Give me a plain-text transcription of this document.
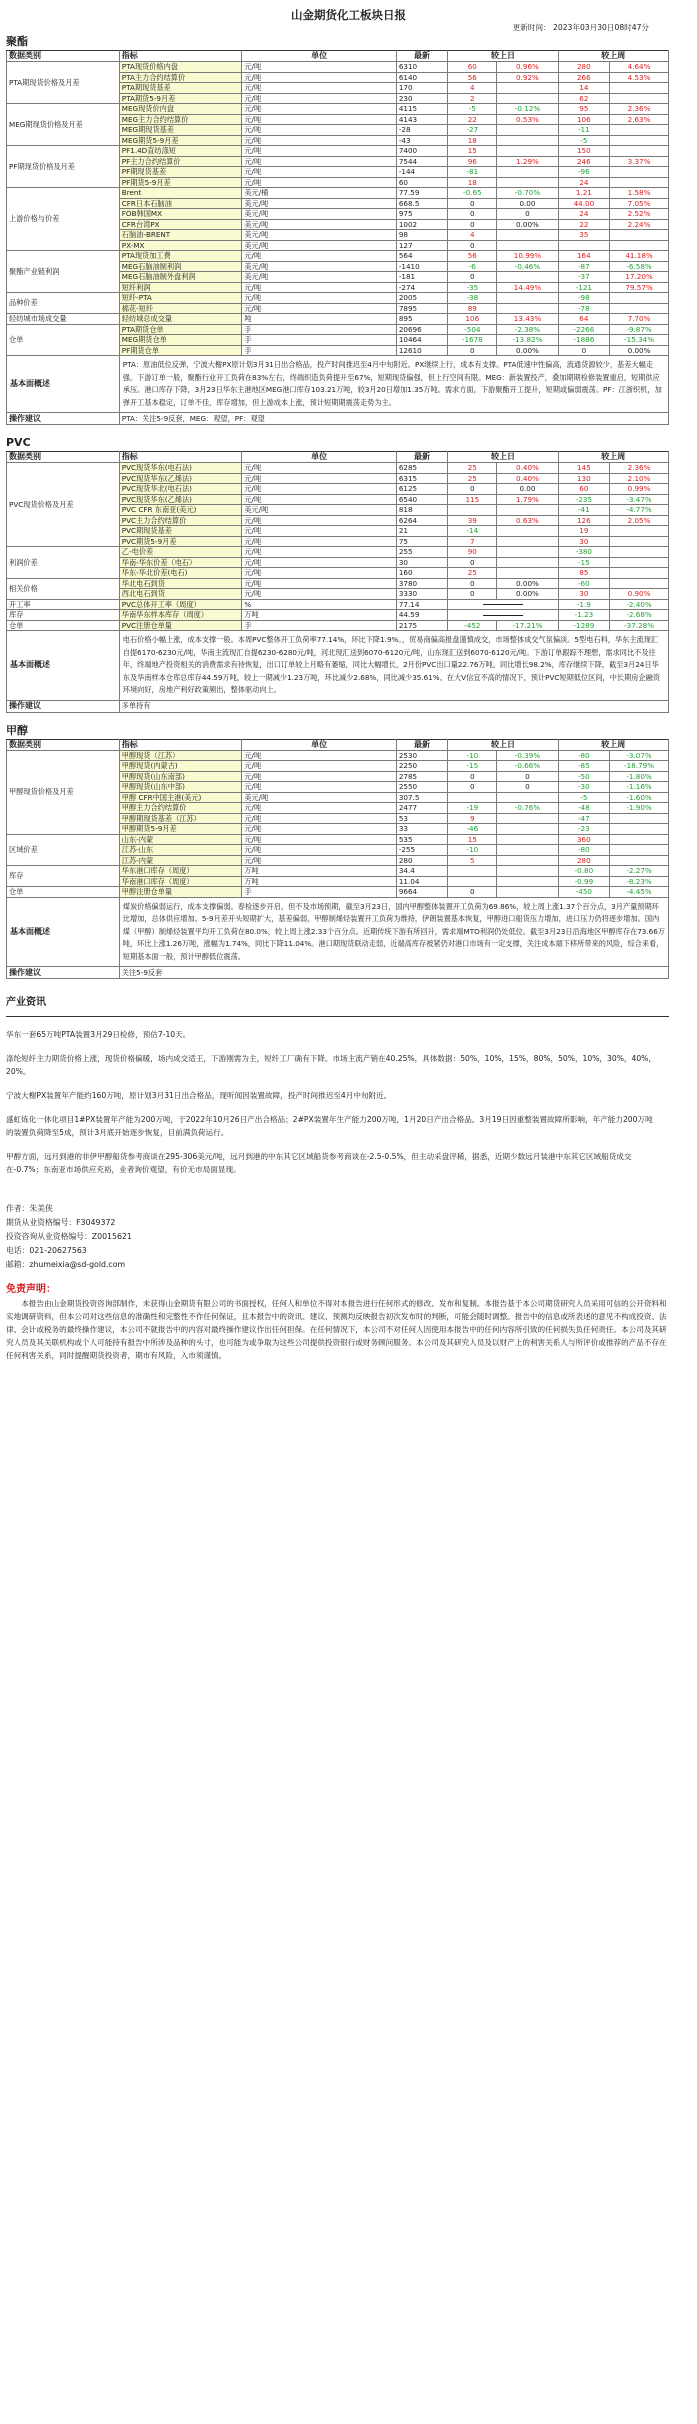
山金期货化工板块日报
更新时间： 2023年03月30日08时47分
聚酯
数据类别	指标	单位	最新	较上日		较上周	
PTA期现货价格及月差	PTA现货价格内盘	元/吨	6310	60	0.96%	280	4.64%
	PTA主力合约结算价	元/吨	6140	56	0.92%	266	4.53%
	PTA期现货基差	元/吨	170	4		14	
	PTA期货5-9月差	元/吨	230	2		62	
MEG期现货价格及月差	MEG现货价内盘	元/吨	4115	-5	-0.12%	95	2.36%
	MEG主力合约结算价	元/吨	4143	22	0.53%	106	2.63%
	MEG期现货基差	元/吨	-28	-27		-11	
	MEG期货5-9月差	元/吨	-43	18		-5	
PF期现货价格及月差	PF1.4D直纺涤短	元/吨	7400	15		150	
	PF主力合约结算价	元/吨	7544	96	1.29%	246	3.37%
	PF期现货基差	元/吨	-144	-81		-96	
	PF期货5-9月差	元/吨	60	18		24	
上游价格与价差	Brent	美元/桶	77.59	-0.65	-0.70%	1.21	1.58%
	CFR日本石脑油	美元/吨	668.5	0	0.00	44.00	7.05%
	FOB韩国MX	美元/吨	975	0	0	24	2.52%
	CFR台湾PX	美元/吨	1002	0	0.00%	22	2.24%
	石脑油-BRENT	美元/吨	98	4		35	
	PX-MX	美元/吨	127	0			
聚酯产业链利润	PTA现货加工费	元/吨	564	56	10.99%	164	41.18%
	MEG石脑油制利润	美元/吨	-1410	-6	-0.46%	-87	-6.58%
	MEG石脑油制外盘利润	美元/吨	-181	0		-37	17.20%
	短纤利润	元/吨	-274	-35	14.49%	-121	79.57%
品种价差	短纤-PTA	元/吨	2005	-38		-98	
	棉花-短纤	元/吨	7895	89		-78	
轻纺城市场成交量	轻纺城总成交量	吨	895	106	13.43%	64	7.70%
仓单	PTA期货仓单	手	20696	-504	-2.38%	-2266	-9.87%
	MEG期货仓单	手	10464	-1678	-13.82%	-1886	-15.34%
	PF期货仓单	手	12610	0	0.00%	0	0.00%
基本面概述	PTA：原油低位反弹，宁波大榭PX原计划3月31日出合格品，投产时间推迟至4月中旬附近。PX继续上行，成本有支撑。PTA低速中性偏高，流通货源较少，基差大幅走强。下游订单一般，聚酯行业开工负荷在83%左右，终端织造负荷提升至67%，短期现货偏强，但上行空间有限。MEG：新装置投产，叠加期期检修装置重启，短期供应承压。港口库存下降，3月23日华东主港地区MEG港口库存103.21万吨，较3月20日增加1.35万吨。需求方面，下游聚酯开工提升，短期或偏弱震荡。PF：江浙织机，加弹开工基本稳定，订单不佳，库存增加，但上游成本上涨，预计短期期震荡走势为主。						
操作建议	PTA：关注5-9反套，MEG：观望，PF：观望						
PVC
数据类别	指标	单位	最新	较上日		较上周	
PVC现货价格及月差	PVC现货华东(电石法)	元/吨	6285	25	0.40%	145	2.36%
	PVC现货华东(乙烯法)	元/吨	6315	25	0.40%	130	2.10%
	PVC现货华北(电石法)	元/吨	6125	0	0.00	60	0.99%
	PVC现货华东(乙烯法)	元/吨	6540	115	1.79%	-235	-3.47%
	PVC CFR 东南亚(美元)	美元/吨	818			-41	-4.77%
	PVC主力合约结算价	元/吨	6264	39	0.63%	126	2.05%
	PVC期现货基差	元/吨	21	-14		19	
	PVC期货5-9月差	元/吨	75	7		30	
利润价差	乙-电价差	元/吨	255	90		-380	
	华南-华东价差（电石）	元/吨	30	0		-15	
	华东-华北价差(电石)	元/吨	160	25		85	
相关价格	华北电石到货	元/吨	3780	0	0.00%	-60	
	西北电石到货	元/吨	3330	0	0.00%	30	0.90%
开工率	PVC总体开工率（周度）	%	77.14			-1.9	-2.40%
库存	华南华东样本库存（周度）	万吨	44.59			-1.23	-2.68%
仓单	PVC注册仓单量	手	2175	-452	-17.21%	-1289	-37.28%
基本面概述	电石价格小幅上涨，成本支撑一般。本周PVC整体开工负荷率77.14%，环比下降1.9%。，贸易商偏高报盘谨慎成交，市场整体成交气氛偏淡。5型电石料，华东主流现汇自提6170-6230元/吨，华南主流现汇自提6230-6280元/吨，河北现汇送到6070-6120元/吨，山东现汇送到6070-6120元/吨。下游订单跟踪不理想，需求同比不及往年，终端地产投资相关的消费需求有待恢复，出口订单较上月略有萎缩，同比大幅增长，2月份PVC出口量22.76万吨，同比增长98.2%，库存继续下降，截至3月24日华东及华南样本仓库总库存44.59万吨，较上一期减少1.23万吨，环比减少2.68%，同比减少35.61%。在大V信宜不高的情况下，预计PVC短期低位区间，中长期房企融资环境向好，房地产利好政策频出，整体驱动向上。						
操作建议	多单持有						
甲醇
数据类别	指标	单位	最新	较上日		较上周	
甲醇现货价格及月差	甲醇现货（江苏）	元/吨	2530	-10	-0.39%	-80	-3.07%
	甲醇现货(内蒙古)	元/吨	2250	-15	-0.66%	-85	-18.79%
	甲醇现货(山东南部)	元/吨	2785	0	0	-50	-1.80%
	甲醇现货(山东中部)	元/吨	2550	0	0	-30	-1.16%
	甲醇 CFR中国主港(美元)	美元/吨	307.5			-5	-1.60%
	甲醇主力合约结算价	元/吨	2477	-19	-0.76%	-48	-1.90%
	甲醇期现货基差（江苏）	元/吨	53	9		-47	
	甲醇期货5-9月差	元/吨	33	-46		-23	
区域价差	山东-内蒙	元/吨	535	15		360	
	江苏-山东	元/吨	-255	-10		-80	
	江苏-内蒙	元/吨	280	5		280	
库存	华东港口库存（周度）	万吨	34.4			-0.80	-2.27%
	华南港口库存（周度）	万吨	11.04			-0.99	-8.23%
仓单	甲醇注册仓单量	手	9664	0		-450	-4.45%
基本面概述	煤炭价格偏弱运行，成本支撑偏弱。春检逐步开启，但不及市场预期，截至3月23日，国内甲醇整体装置开工负荷为69.86%，较上周上涨1.37个百分点，3月产量预期环比增加，总体供应增加。5-9月差开头短期扩大，基差偏弱，甲醇制烯烃装置开工负荷为维持，伊朗装置基本恢复，甲醇进口船货压力增加，进口压力仍将逐步增加。国内煤（甲醇）制烯烃装置平均开工负荷在80.0%，较上周上涨2.33个百分点。近期传统下游有所回升，需求端MTO利润仍处低位。截至3月23日沿海地区甲醇库存在73.66万吨，环比上涨1.26万吨，涨幅为1.74%，同比下降11.04%。港口期现货联动走弱，近端高库存被紧仍对港口市场有一定支撑，关注成本端下移所带来的风险，综合来看，短期基本面一般，预计甲醇低位震荡。						
操作建议	关注5-9反套						
产业资讯

华东一套65万吨PTA装置3月29日检修，预估7-10天。

涤纶短纤主力期货价格上涨，现货价格偏暖，场内成交适王，下游刚需为主，短纤工厂确有下降。市场主流产销在40.25%，具体数据：50%，10%，15%，80%，50%，10%，30%，40%，20%。

宁波大榭PX装置年产能约160万吨，原计划3月31日出合格品，现听闻因装置故障，投产时间推迟至4月中旬附近。

盛虹炼化一体化项目1#PX装置年产能为200万吨，于2022年10月26日产出合格品；2#PX装置年生产能力200万吨，1月20日产出合格品。3月19日因重整装置故障所影响，年产能力200万吨的装置负荷降至5成，预计3月底开始逐步恢复，目前满负荷运行。

甲醇方面，远月到港的非伊甲醇船货参考商谈在295-306美元/吨，远月到港的中东其它区域船货参考商谈在-2.5-0.5%，但主动采盘评稀，据悉，近期少数远月装港中东其它区域船货成交在-0.7%；东南亚市场供应充裕，业者询价观望，有价无市局面显现。

作者：朱美侠
期货从业资格编号：F3049372
投资咨询从业资格编号：Z0015621
电话：021-20627563
邮箱：zhumeixia@sd-gold.com
免责声明：
本报告由山金期货投资咨询部制作，未获得山金期货有限公司的书面授权，任何人和单位不得对本报告进行任何形式的修改、发布和复制。本报告基于本公司期货研究人员采用可信的公开资料和实地调研资料，但本公司对这些信息的准确性和完整性不作任何保证，且本报告中的资讯、建议、预测均反映报告初次发布时的判断，可能会随时调整。报告中的信息或所表述的意见不构成投资、法律、会计或税务的最终操作建议，本公司不就报告中的内容对最终操作建议作出任何担保。在任何情况下，本公司不对任何人因使用本报告中的任何内容所引致的任何损失负任何责任。本公司及其研究人员及其关联机构或个人可能持有报告中所涉及品种的头寸，也可能为或争取为这些公司提供投资银行或财务顾问服务。本公司及其研究人员及以财产上的利害关系人与所评价或推荐的产品不存在任何利害关系，同时提醒期货投资者，期市有风险，入市须谨慎。
